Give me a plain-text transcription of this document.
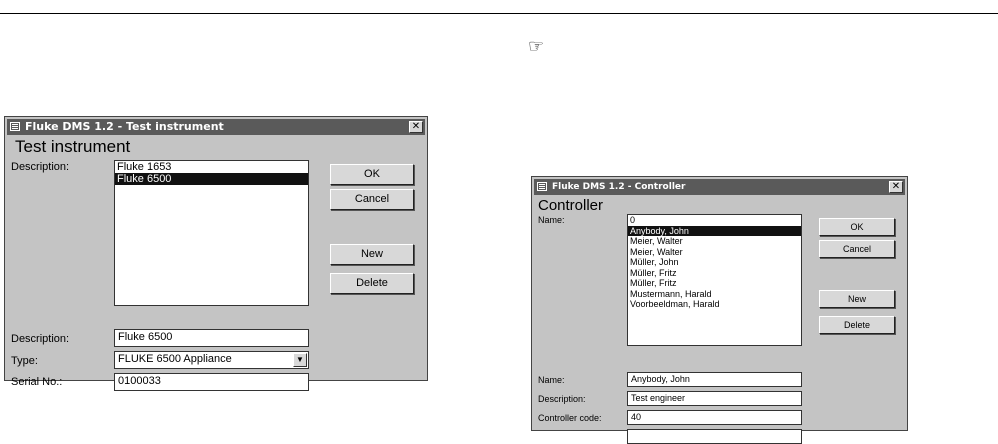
☞
Fluke DMS 1.2 - Test instrument	✕
Test instrument
Description:	Fluke 1653
Fluke 6500	OK
Cancel
New
Delete
Description:	Fluke 6500
Type:	FLUKE 6500 Appliance	▼
Serial No.:	0100033
Fluke DMS 1.2 - Controller	✕
Controller
Name:	0
Anybody, John
Meier, Walter
Meier, Walter
Müller, John
Müller, Fritz
Müller, Fritz
Mustermann, Harald
Voorbeeldman, Harald
OK
Cancel
New
Delete
Name:	Anybody, John
Description:	Test engineer
Controller code:	40
